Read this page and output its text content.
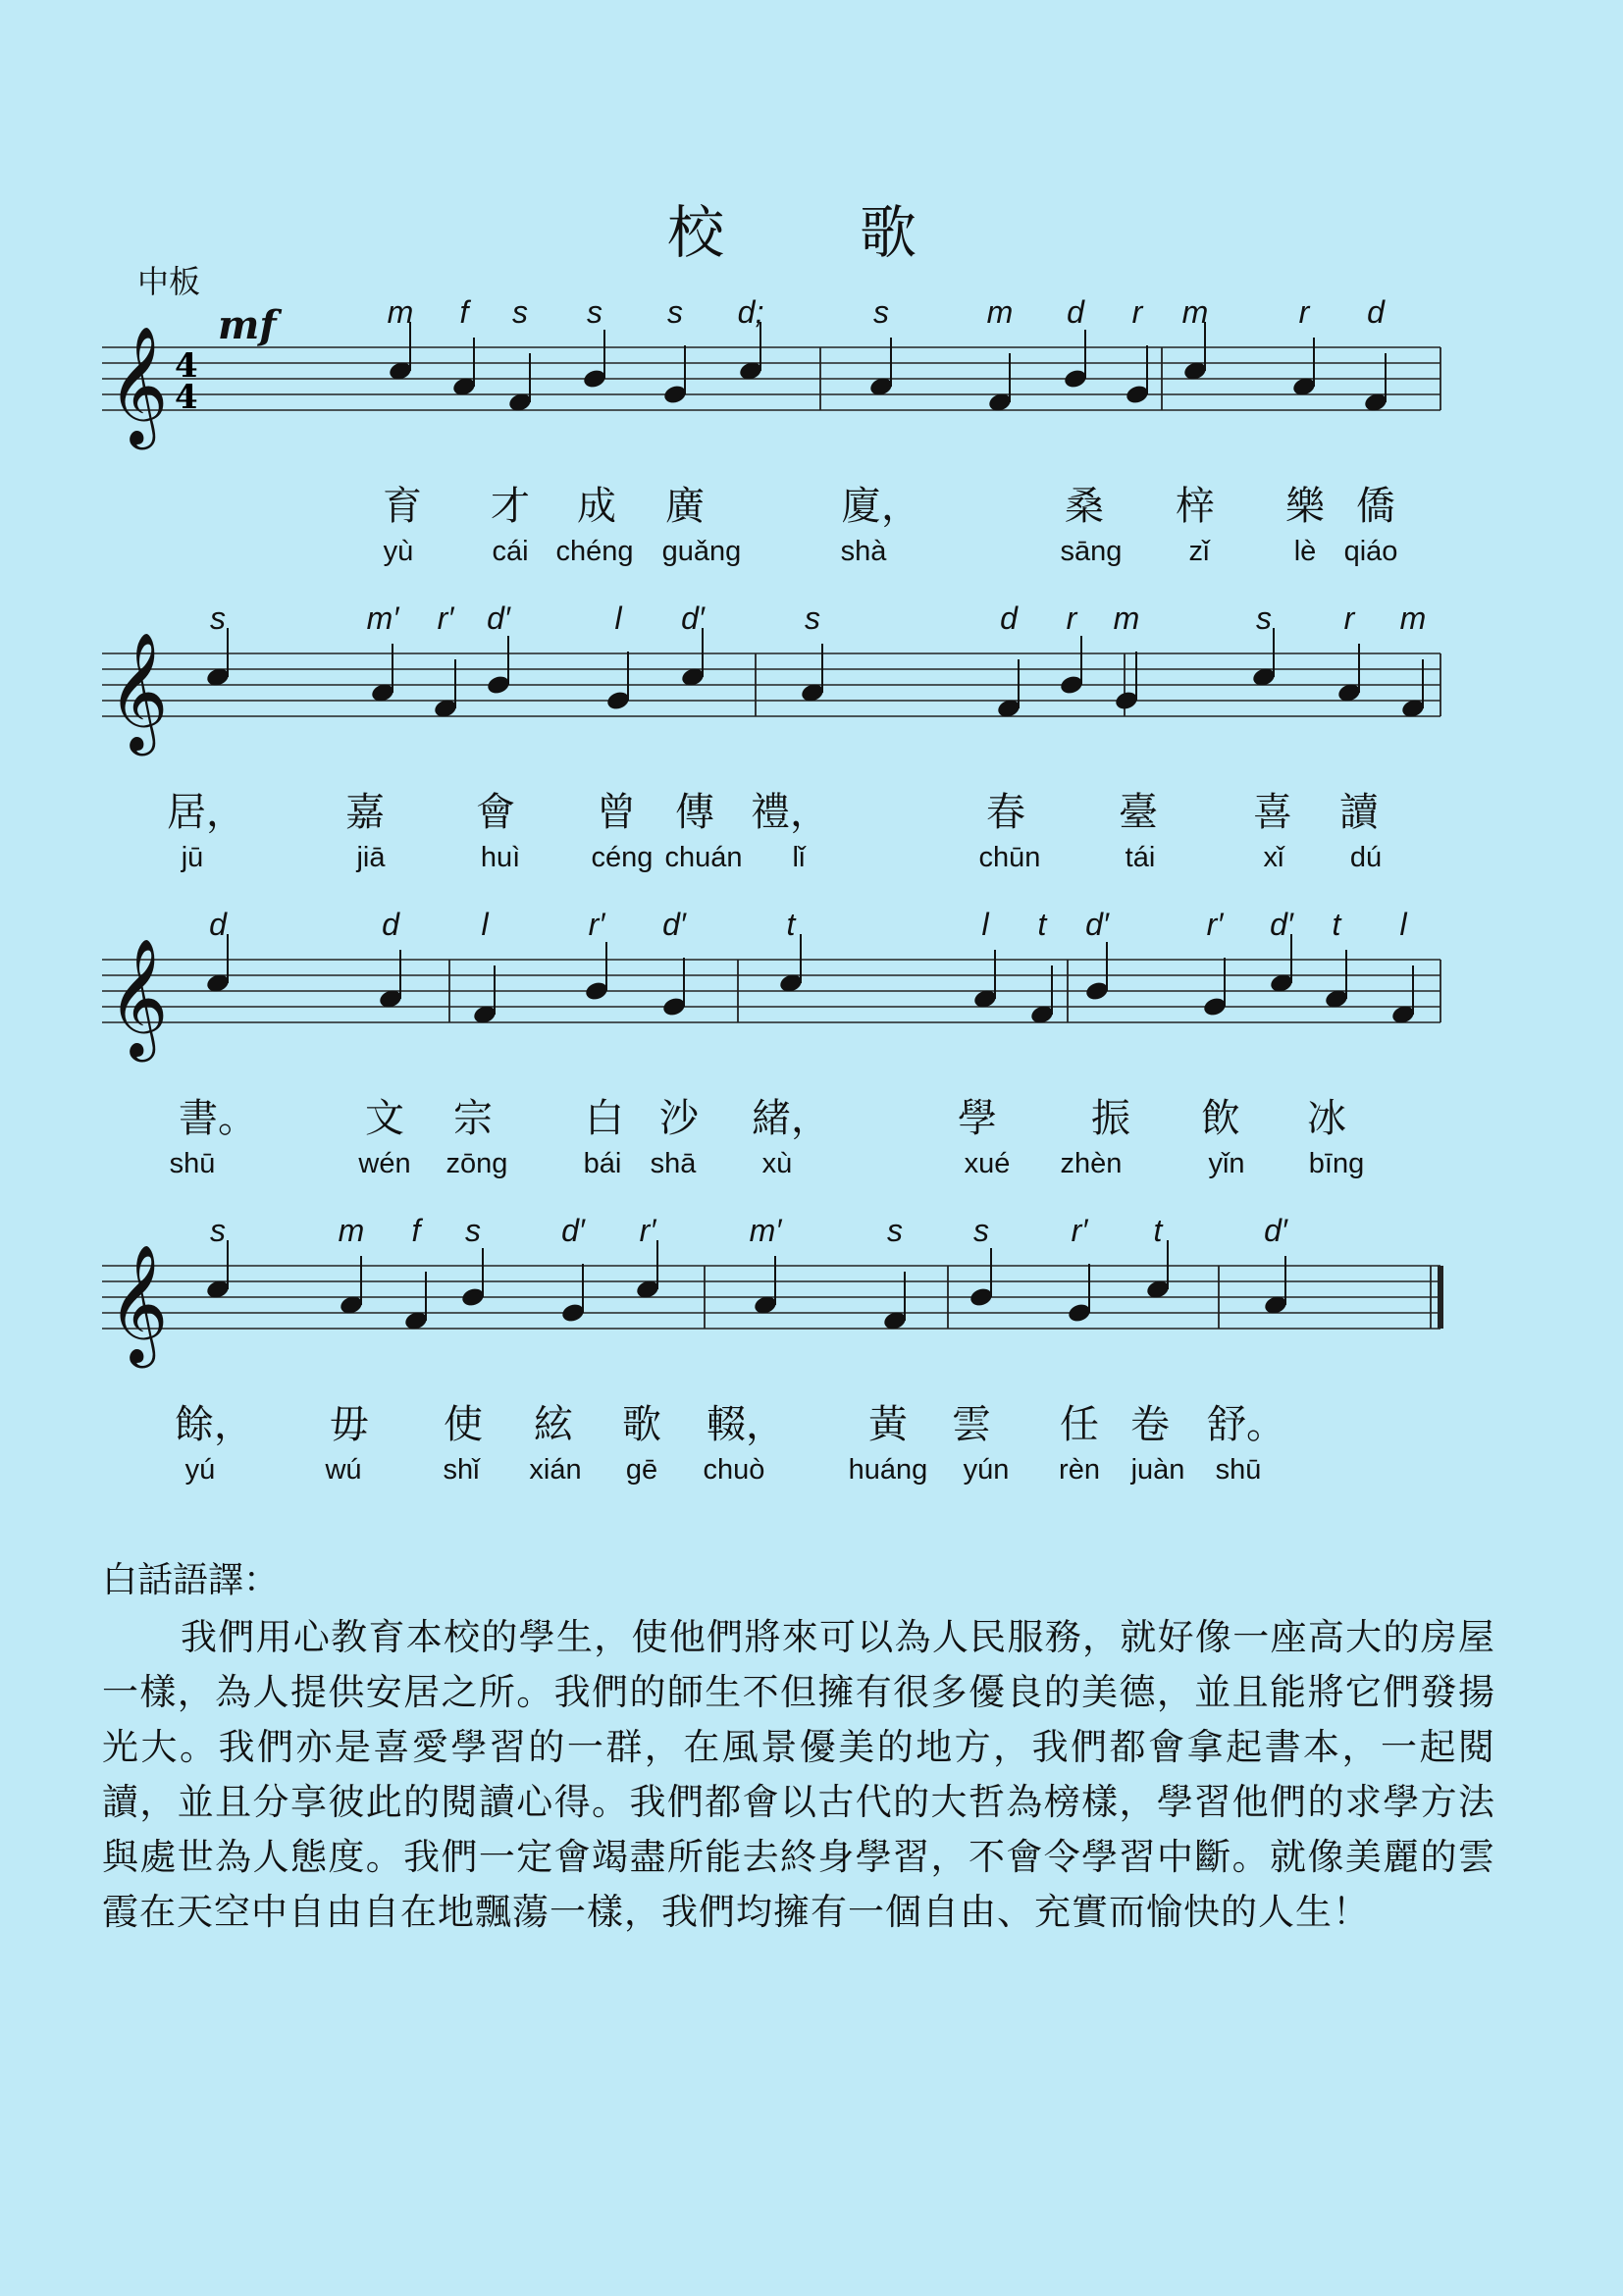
校　歌
中板
mf
𝄞 4
4
m f s s s d;	s	m d r m	r d
育 才 成 廣	廈，	桑 梓 樂 僑
yù	cái chéng guǎng	shà	sāng zǐ	lè qiáo
𝄞
s	m′ r′ d′	l d′	s	d r m	s r m
居，	嘉 會 曾 傳 禮，	春 臺 喜 讀
jū	jiā	huì céng chuán lǐ	chūn	tái	xǐ dú
𝄞
d	d	l	r′ d′	t	l t d′	r′ d′ t l
書。	文 宗 白 沙 緒，	學 振 飲 冰
shū	wén zōng	bái shā xù	xué zhèn	yǐn bīng
𝄞
s	m f s	d′ r′	m′	s s	r′ t	d′
餘， 毋 使 絃 歌 輟， 黃 雲 任 卷 舒。
yú	wú	shǐ xián gē chuò	huáng yún rèn juàn shū
白話語譯：
我們用心教育本校的學生，使他們將來可以為人民服務，就好像一座高大的房屋一樣，為人提供安居之所。我們的師生不但擁有很多優良的美德，並且能將它們發揚光大。我們亦是喜愛學習的一群，在風景優美的地方，我們都會拿起書本，一起閱讀，並且分享彼此的閱讀心得。我們都會以古代的大哲為榜樣，學習他們的求學方法與處世為人態度。我們一定會竭盡所能去終身學習，不會令學習中斷。就像美麗的雲霞在天空中自由自在地飄蕩一樣，我們均擁有一個自由、充實而愉快的人生！
